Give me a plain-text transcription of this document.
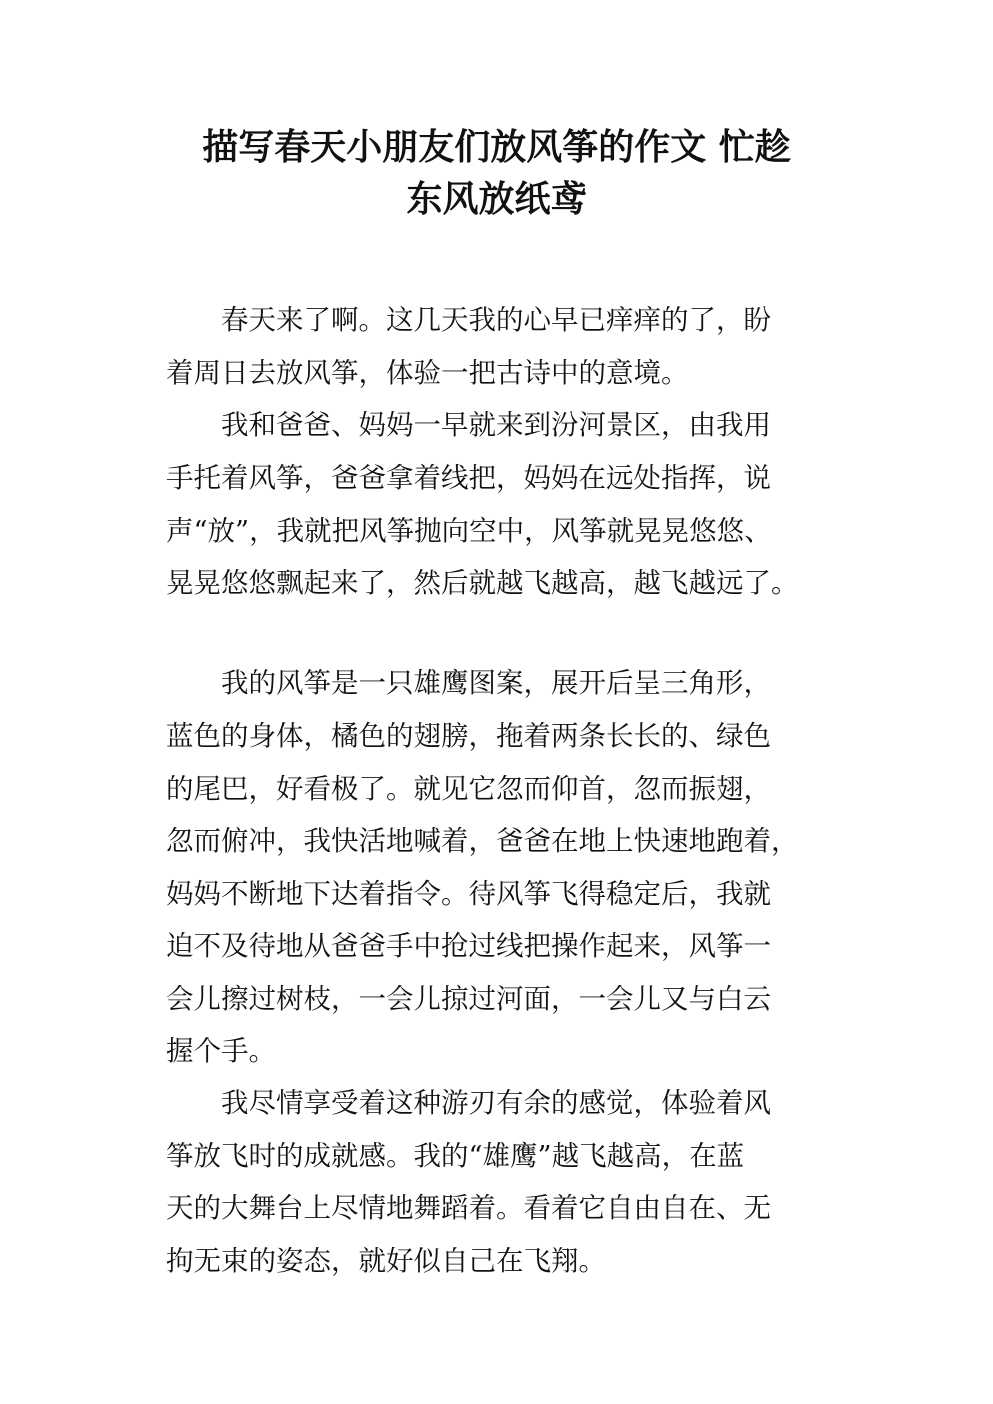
描写春天小朋友们放风筝的作文 忙趁
东风放纸鸢
春天来了啊。这几天我的心早已痒痒的了，盼
着周日去放风筝，体验一把古诗中的意境。
我和爸爸、妈妈一早就来到汾河景区，由我用
手托着风筝，爸爸拿着线把，妈妈在远处指挥，说
声“放”，我就把风筝抛向空中，风筝就晃晃悠悠、
晃晃悠悠飘起来了，然后就越飞越高，越飞越远了。
我的风筝是一只雄鹰图案，展开后呈三角形，
蓝色的身体，橘色的翅膀，拖着两条长长的、绿色
的尾巴，好看极了。就见它忽而仰首，忽而振翅，
忽而俯冲，我快活地喊着，爸爸在地上快速地跑着，
妈妈不断地下达着指令。待风筝飞得稳定后，我就
迫不及待地从爸爸手中抢过线把操作起来，风筝一
会儿擦过树枝，一会儿掠过河面，一会儿又与白云
握个手。
我尽情享受着这种游刃有余的感觉，体验着风
筝放飞时的成就感。我的“雄鹰”越飞越高，在蓝
天的大舞台上尽情地舞蹈着。看着它自由自在、无
拘无束的姿态，就好似自己在飞翔。
